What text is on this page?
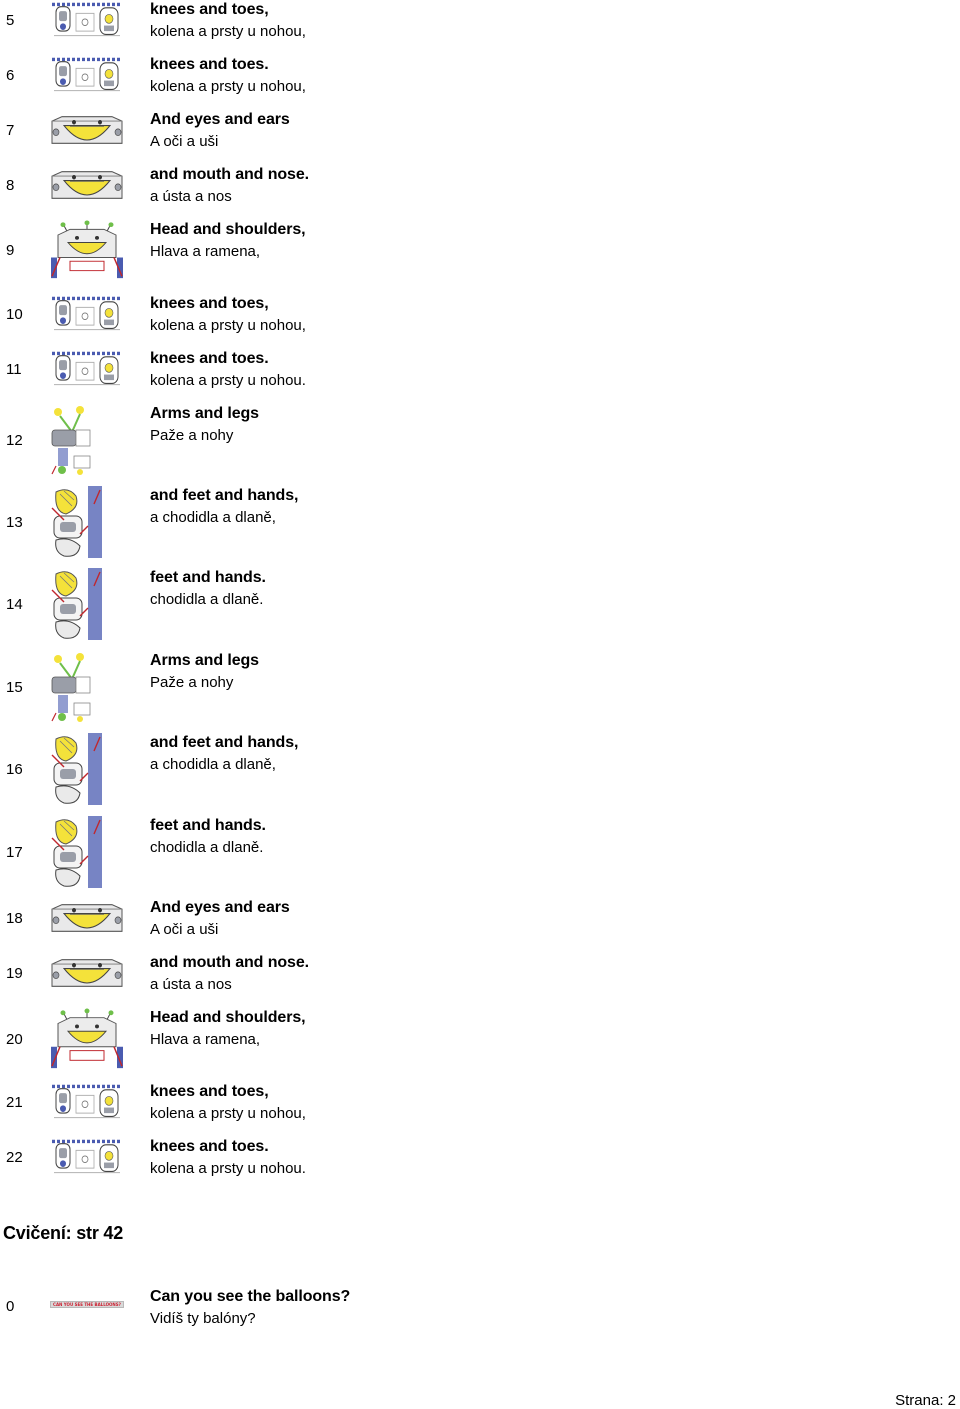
5
knees and toes,
kolena a prsty u nohou,
6
knees and toes.
kolena a prsty u nohou,
7
And eyes and ears
A oči a uši
8
and mouth and nose.
a ústa a nos
9
Head and shoulders,
Hlava a ramena,
10
knees and toes,
kolena a prsty u nohou,
11
knees and toes.
kolena a prsty u nohou.
12
Arms and legs
Paže a nohy
13
and feet and hands,
a chodidla a dlaně,
14
feet and hands.
chodidla a dlaně.
15
Arms and legs
Paže a nohy
16
and feet and hands,
a chodidla a dlaně,
17
feet and hands.
chodidla a dlaně.
18
And eyes and ears
A oči a uši
19
and mouth and nose.
a ústa a nos
20
Head and shoulders,
Hlava a ramena,
21
knees and toes,
kolena a prsty u nohou,
22
knees and toes.
kolena a prsty u nohou.
Cvičení: str 42
0	CAN YOU SEE THE BALLOONS? Can you see the balloons?
Vidíš ty balóny?
Strana: 2
